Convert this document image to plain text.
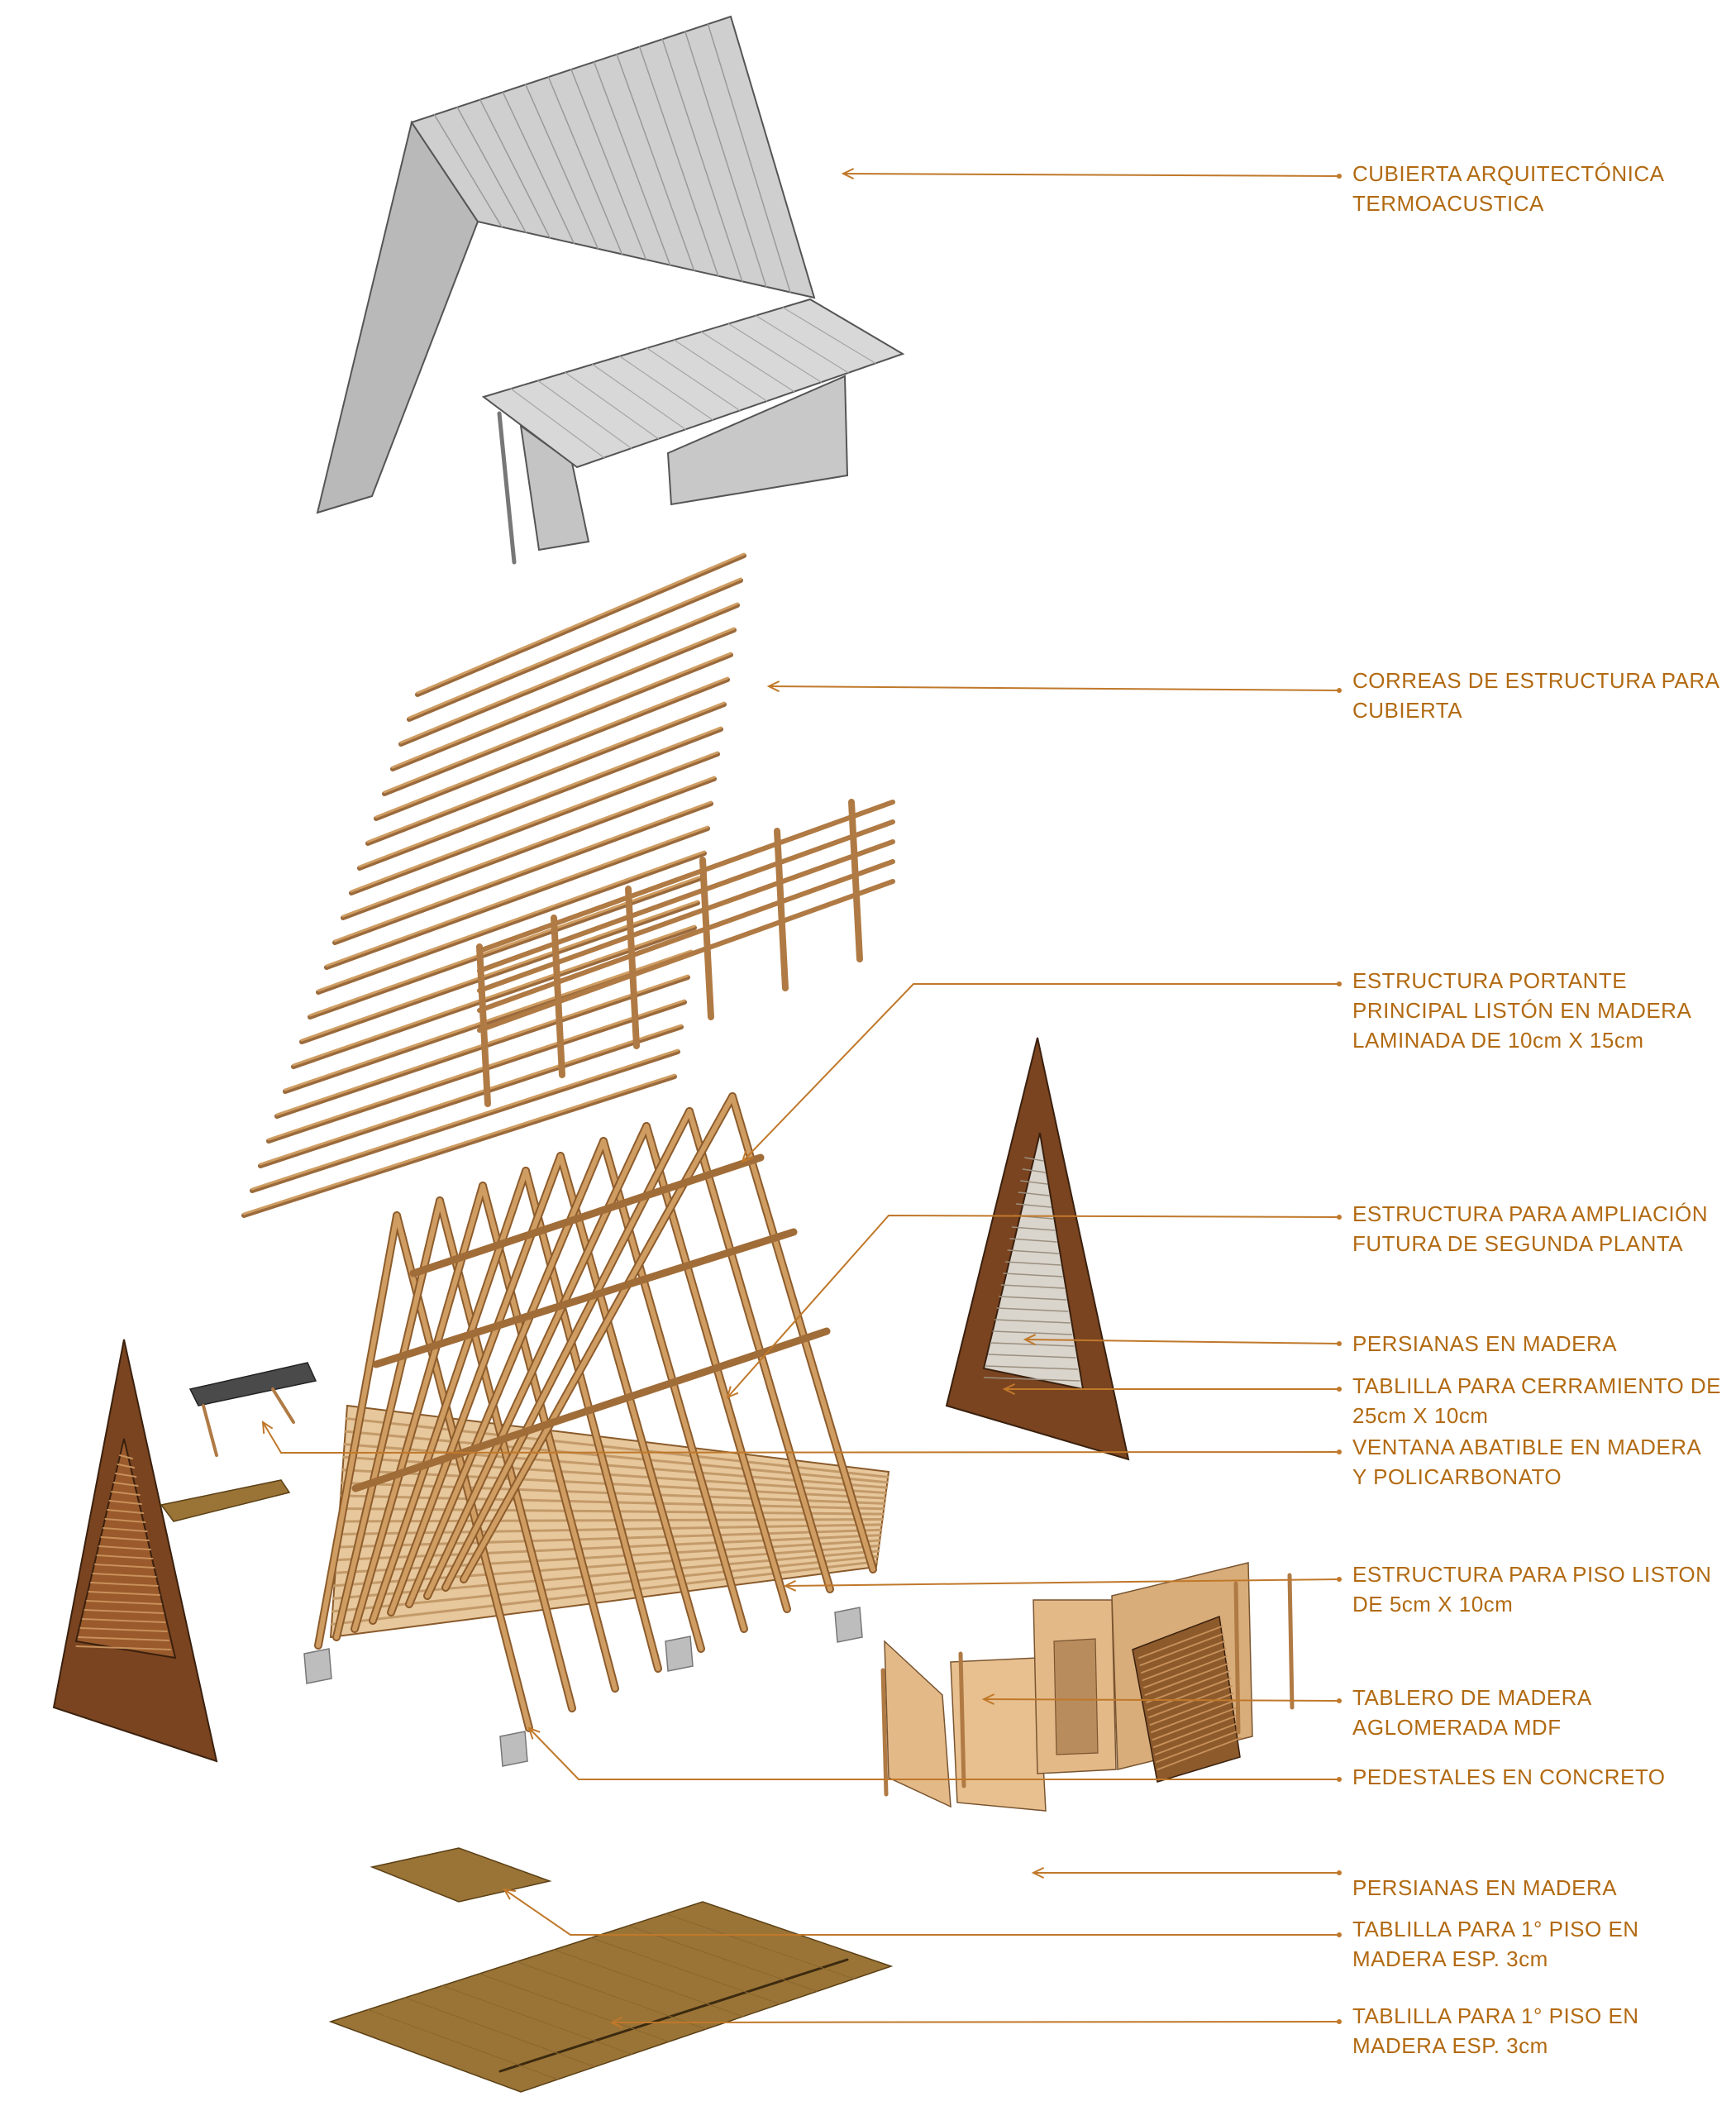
CUBIERTA ARQUITECTÓNICA
TERMOACUSTICA
CORREAS DE ESTRUCTURA PARA
CUBIERTA
ESTRUCTURA PORTANTE
PRINCIPAL LISTÓN EN MADERA
LAMINADA DE 10cm X 15cm
ESTRUCTURA PARA AMPLIACIÓN
FUTURA DE SEGUNDA PLANTA
PERSIANAS EN MADERA
TABLILLA PARA CERRAMIENTO DE
25cm X 10cm
VENTANA ABATIBLE EN MADERA
Y POLICARBONATO
ESTRUCTURA PARA PISO LISTON
DE 5cm X 10cm
TABLERO DE MADERA
AGLOMERADA MDF
PEDESTALES EN CONCRETO
PERSIANAS EN MADERA
TABLILLA PARA 1° PISO EN
MADERA ESP. 3cm
TABLILLA PARA 1° PISO EN
MADERA ESP. 3cm
